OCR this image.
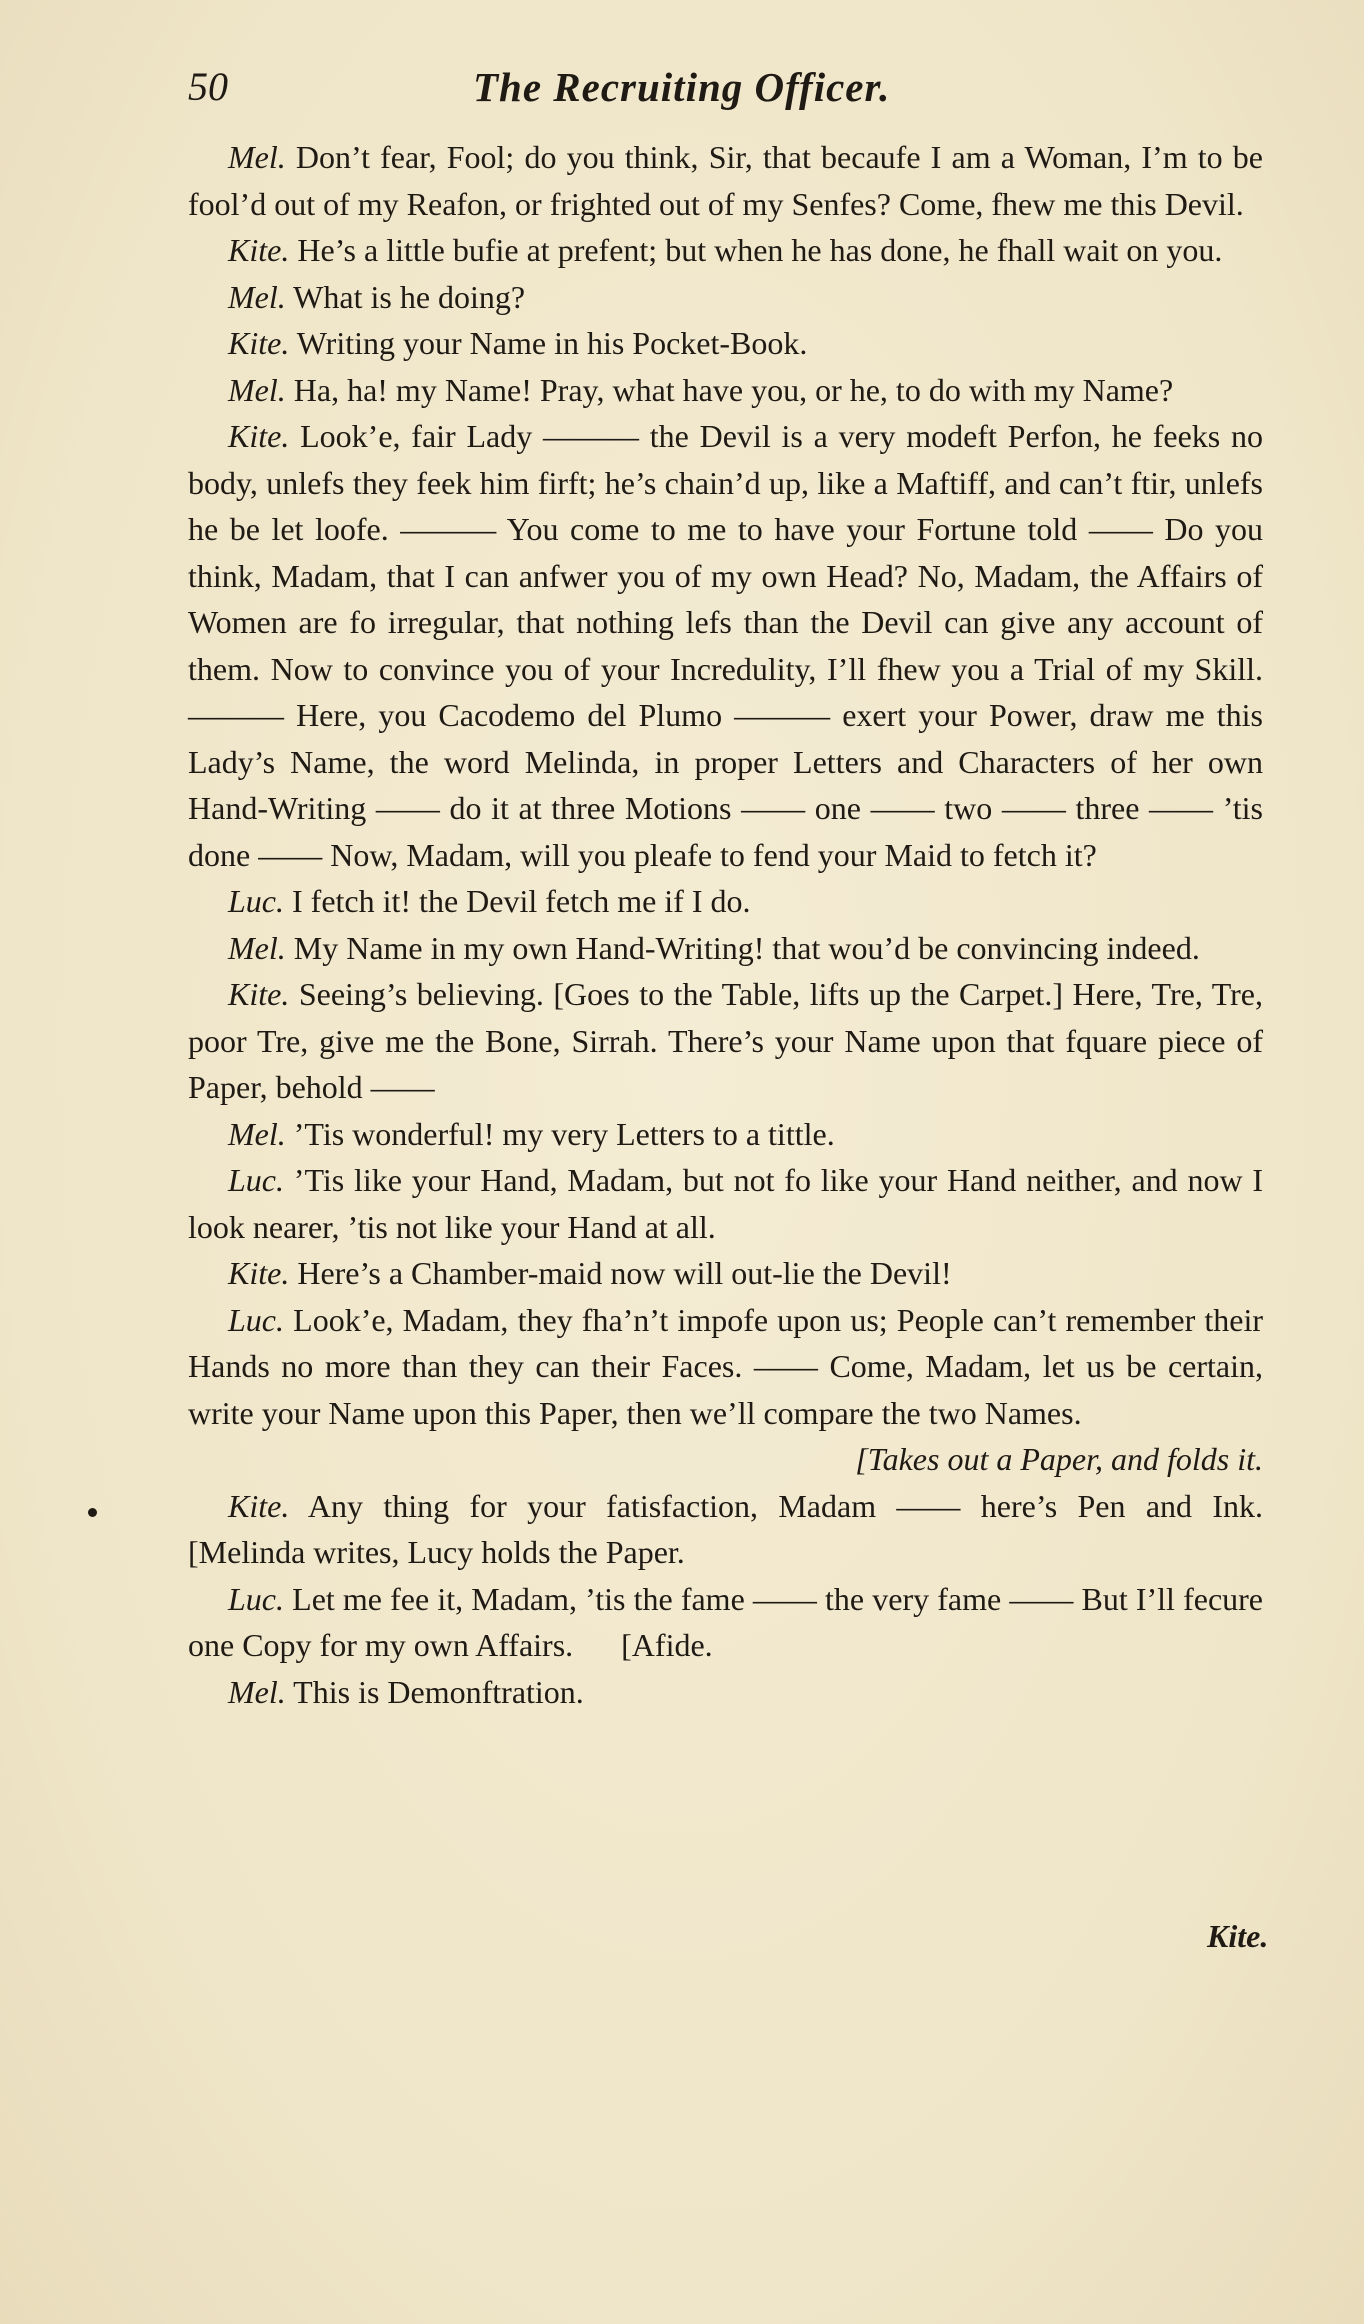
50	The Recruiting Officer.

Mel. Don’t fear, Fool; do you think, Sir, that becaufe I am a Woman, I’m to be fool’d out of my Reafon, or frighted out of my Senfes? Come, fhew me this Devil.

Kite. He’s a little bufie at prefent; but when he has done, he fhall wait on you.

Mel. What is he doing?

Kite. Writing your Name in his Pocket-Book.

Mel. Ha, ha! my Name! Pray, what have you, or he, to do with my Name?

Kite. Look’e, fair Lady ——— the Devil is a very modeft Perfon, he feeks no body, unlefs they feek him firft; he’s chain’d up, like a Maftiff, and can’t ftir, unlefs he be let loofe. ——— You come to me to have your Fortune told —— Do you think, Madam, that I can anfwer you of my own Head? No, Madam, the Affairs of Women are fo irregular, that nothing lefs than the Devil can give any account of them. Now to convince you of your Incredulity, I’ll fhew you a Trial of my Skill. ——— Here, you Cacodemo del Plumo ——— exert your Power, draw me this Lady’s Name, the word Melinda, in proper Letters and Characters of her own Hand-Writing —— do it at three Motions —— one —— two —— three —— ’tis done —— Now, Madam, will you pleafe to fend your Maid to fetch it?

Luc. I fetch it! the Devil fetch me if I do.

Mel. My Name in my own Hand-Writing! that wou’d be convincing indeed.

Kite. Seeing’s believing. [Goes to the Table, lifts up the Carpet.] Here, Tre, Tre, poor Tre, give me the Bone, Sirrah. There’s your Name upon that fquare piece of Paper, behold ——

Mel. ’Tis wonderful! my very Letters to a tittle.

Luc. ’Tis like your Hand, Madam, but not fo like your Hand neither, and now I look nearer, ’tis not like your Hand at all.

Kite. Here’s a Chamber-maid now will out-lie the Devil!

Luc. Look’e, Madam, they fha’n’t impofe upon us; People can’t remember their Hands no more than they can their Faces. —— Come, Madam, let us be certain, write your Name upon this Paper, then we’ll compare the two Names.

[Takes out a Paper, and folds it.

Kite. Any thing for your fatisfaction, Madam —— here’s Pen and Ink.      [Melinda writes, Lucy holds the Paper.

Luc. Let me fee it, Madam, ’tis the fame —— the very fame —— But I’ll fecure one Copy for my own Affairs.      [Afide.

Mel. This is Demonftration.

Kite.
